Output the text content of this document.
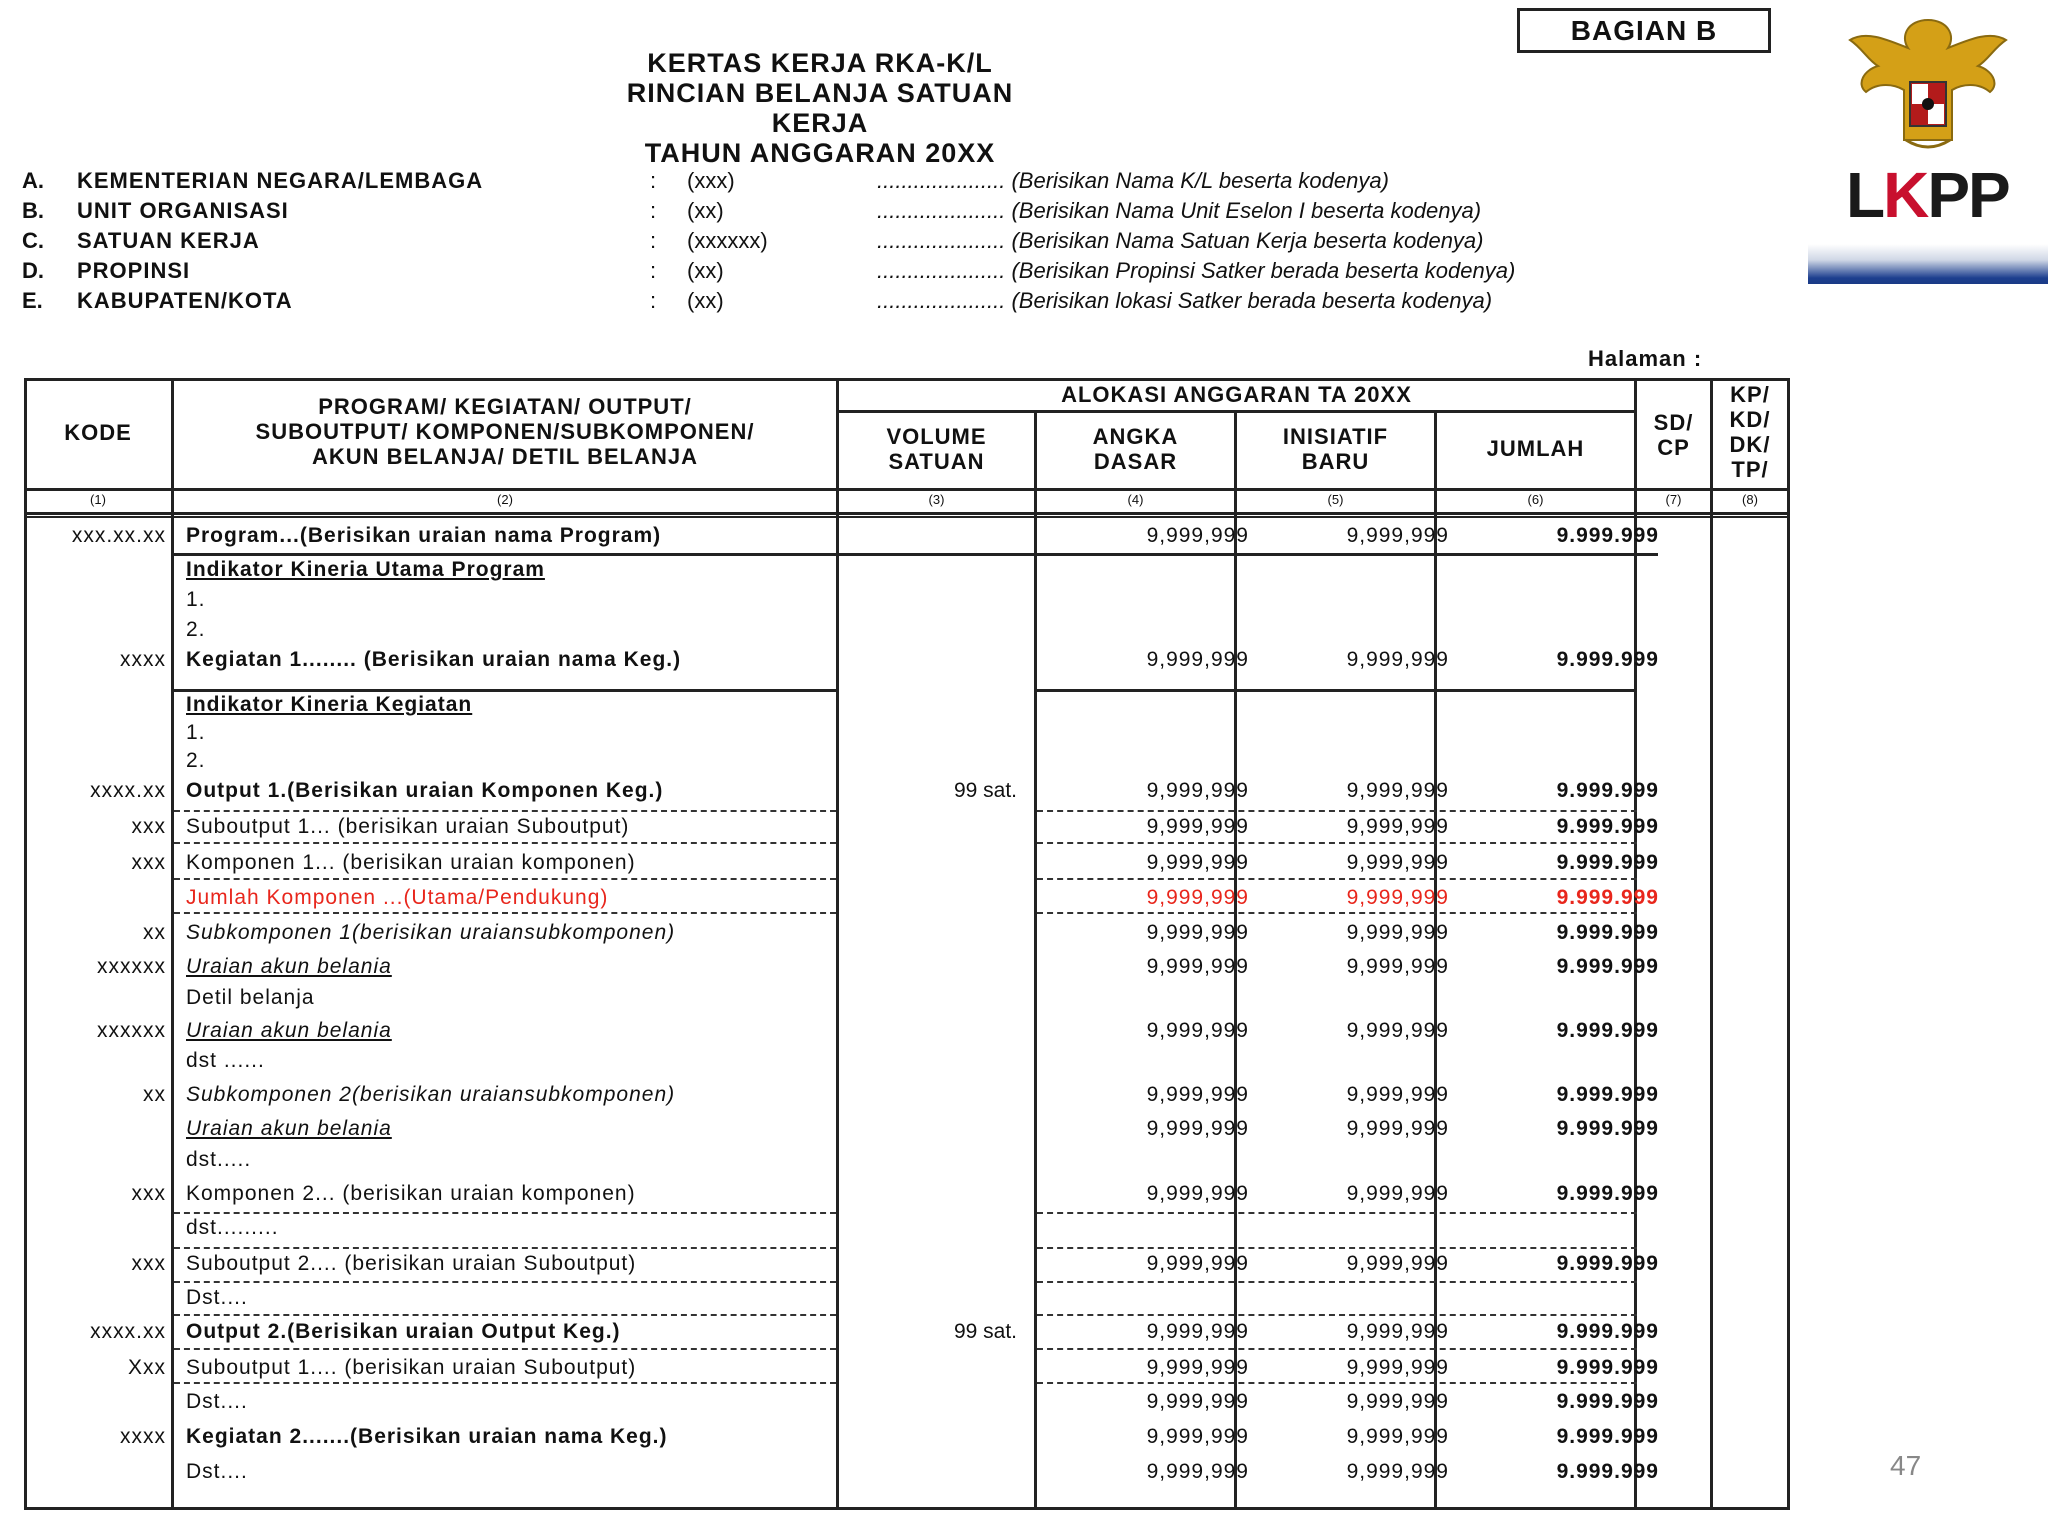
BAGIAN B
KERTAS KERJA RKA-K/L
RINCIAN BELANJA SATUAN KERJA
TAHUN ANGGARAN 20XX
LKPP
A. KEMENTERIAN NEGARA/LEMBAGA	: (xxx)	..................... (Berisikan Nama K/L beserta kodenya)
B. UNIT ORGANISASI	: (xx)	..................... (Berisikan Nama Unit Eselon I beserta kodenya)
C. SATUAN KERJA	: (xxxxxx)	..................... (Berisikan Nama Satuan Kerja beserta kodenya)
D. PROPINSI	: (xx)	..................... (Berisikan Propinsi Satker berada beserta kodenya)
E. KABUPATEN/KOTA	: (xx)	..................... (Berisikan lokasi Satker berada beserta kodenya)
Halaman :
KODE
PROGRAM/ KEGIATAN/ OUTPUT/
SUBOUTPUT/ KOMPONEN/SUBKOMPONEN/
AKUN BELANJA/ DETIL BELANJA
ALOKASI ANGGARAN TA 20XX
VOLUME
SATUAN
ANGKA
DASAR
INISIATIF
BARU
JUMLAH
SD/
CP
KP/
KD/
DK/
TP/
(1)	(2)	(3)	(4)	(5)	(6)	(7)	(8)
xxx.xx.xx Program...(Berisikan uraian nama Program)	9,999,999	9,999,999	9.999.999
Indikator Kineria Utama Program
1.
2.
xxxx Kegiatan 1........ (Berisikan uraian nama Keg.)	9,999,999	9,999,999	9.999.999
Indikator Kineria Kegiatan
1.
2.
xxxx.xx Output 1.(Berisikan uraian Komponen Keg.)	99 sat.	9,999,999	9,999,999	9.999.999
xxx Suboutput 1... (berisikan uraian Suboutput)	9,999,999	9,999,999	9.999.999
xxx Komponen 1... (berisikan uraian komponen)	9,999,999	9,999,999	9.999.999
Jumlah Komponen ...(Utama/Pendukung)	9,999,999	9,999,999	9.999.999
xx Subkomponen 1(berisikan uraiansubkomponen)	9,999,999	9,999,999	9.999.999
xxxxxx Uraian akun belania	9,999,999	9,999,999	9.999.999
Detil belanja
xxxxxx Uraian akun belania	9,999,999	9,999,999	9.999.999
dst ......
xx Subkomponen 2(berisikan uraiansubkomponen)	9,999,999	9,999,999	9.999.999
Uraian akun belania	9,999,999	9,999,999	9.999.999
dst.....
xxx Komponen 2... (berisikan uraian komponen)	9,999,999	9,999,999	9.999.999
dst.........
xxx Suboutput 2.... (berisikan uraian Suboutput)	9,999,999	9,999,999	9.999.999
Dst....
xxxx.xx Output 2.(Berisikan uraian Output Keg.)	99 sat.	9,999,999	9,999,999	9.999.999
Xxx Suboutput 1.... (berisikan uraian Suboutput)	9,999,999	9,999,999	9.999.999
Dst....	9,999,999	9,999,999	9.999.999
xxxx Kegiatan 2.......(Berisikan uraian nama Keg.)	9,999,999	9,999,999	9.999.999
Dst....	9,999,999	9,999,999	9.999.999	47
